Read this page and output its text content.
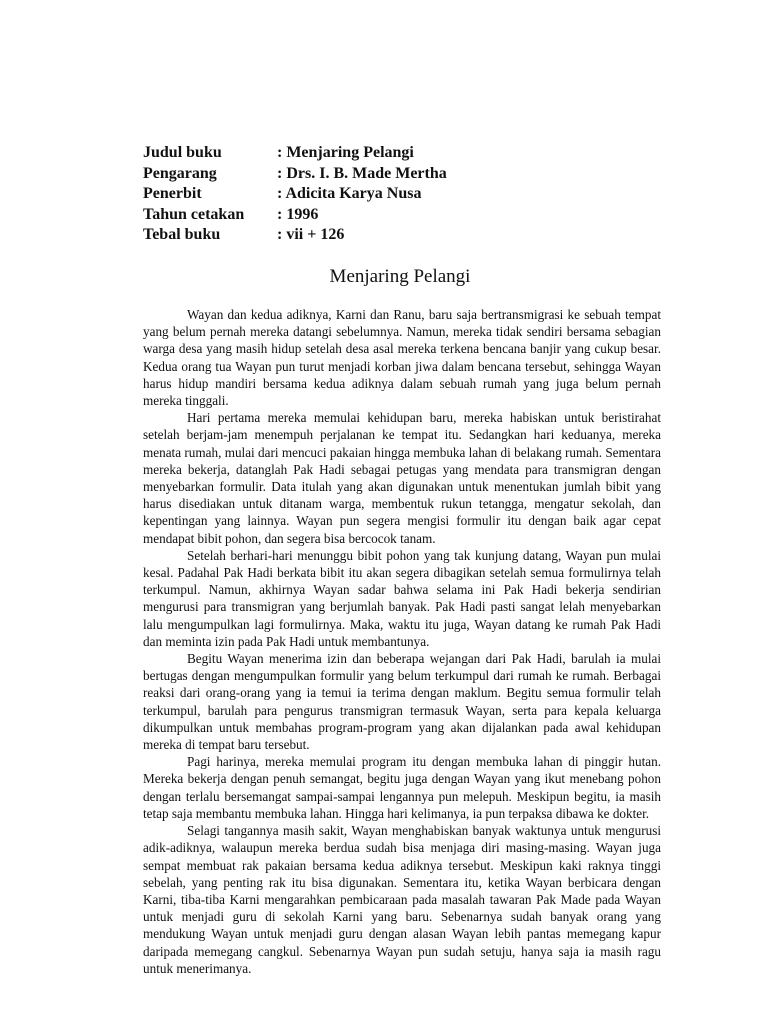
Judul buku	: Menjaring Pelangi
Pengarang	: Drs. I. B. Made Mertha
Penerbit	: Adicita Karya Nusa
Tahun cetakan	: 1996
Tebal buku	: vii + 126
Menjaring Pelangi

Wayan dan kedua adiknya, Karni dan Ranu, baru saja bertransmigrasi ke sebuah tempat yang belum pernah mereka datangi sebelumnya. Namun, mereka tidak sendiri bersama sebagian warga desa yang masih hidup setelah desa asal mereka terkena bencana banjir yang cukup besar. Kedua orang tua Wayan pun turut menjadi korban jiwa dalam bencana tersebut, sehingga Wayan harus hidup mandiri bersama kedua adiknya dalam sebuah rumah yang juga belum pernah mereka tinggali.

Hari pertama mereka memulai kehidupan baru, mereka habiskan untuk beristirahat setelah berjam-jam menempuh perjalanan ke tempat itu. Sedangkan hari keduanya, mereka menata rumah, mulai dari mencuci pakaian hingga membuka lahan di belakang rumah. Sementara mereka bekerja, datanglah Pak Hadi sebagai petugas yang mendata para transmigran dengan menyebarkan formulir. Data itulah yang akan digunakan untuk menentukan jumlah bibit yang harus disediakan untuk ditanam warga, membentuk rukun tetangga, mengatur sekolah, dan kepentingan yang lainnya. Wayan pun segera mengisi formulir itu dengan baik agar cepat mendapat bibit pohon, dan segera bisa bercocok tanam.

Setelah berhari-hari menunggu bibit pohon yang tak kunjung datang, Wayan pun mulai kesal. Padahal Pak Hadi berkata bibit itu akan segera dibagikan setelah semua formulirnya telah terkumpul. Namun, akhirnya Wayan sadar bahwa selama ini Pak Hadi bekerja sendirian mengurusi para transmigran yang berjumlah banyak. Pak Hadi pasti sangat lelah menyebarkan lalu mengumpulkan lagi formulirnya. Maka, waktu itu juga, Wayan datang ke rumah Pak Hadi dan meminta izin pada Pak Hadi untuk membantunya.

Begitu Wayan menerima izin dan beberapa wejangan dari Pak Hadi, barulah ia mulai bertugas dengan mengumpulkan formulir yang belum terkumpul dari rumah ke rumah. Berbagai reaksi dari orang-orang yang ia temui ia terima dengan maklum. Begitu semua formulir telah terkumpul, barulah para pengurus transmigran termasuk Wayan, serta para kepala keluarga dikumpulkan untuk membahas program-program yang akan dijalankan pada awal kehidupan mereka di tempat baru tersebut.

Pagi harinya, mereka memulai program itu dengan membuka lahan di pinggir hutan. Mereka bekerja dengan penuh semangat, begitu juga dengan Wayan yang ikut menebang pohon dengan terlalu bersemangat sampai-sampai lengannya pun melepuh. Meskipun begitu, ia masih tetap saja membantu membuka lahan. Hingga hari kelimanya, ia pun terpaksa dibawa ke dokter.

Selagi tangannya masih sakit, Wayan menghabiskan banyak waktunya untuk mengurusi adik-adiknya, walaupun mereka berdua sudah bisa menjaga diri masing-masing. Wayan juga sempat membuat rak pakaian bersama kedua adiknya tersebut. Meskipun kaki raknya tinggi sebelah, yang penting rak itu bisa digunakan. Sementara itu, ketika Wayan berbicara dengan Karni, tiba-tiba Karni mengarahkan pembicaraan pada masalah tawaran Pak Made pada Wayan untuk menjadi guru di sekolah Karni yang baru. Sebenarnya sudah banyak orang yang mendukung Wayan untuk menjadi guru dengan alasan Wayan lebih pantas memegang kapur daripada memegang cangkul. Sebenarnya Wayan pun sudah setuju, hanya saja ia masih ragu untuk menerimanya.
